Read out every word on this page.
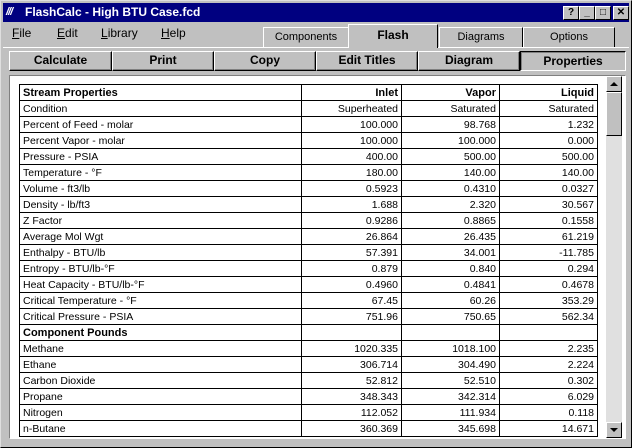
///	FlashCalc - High BTU Case.fcd	?	_	□	✕
File Edit Library Help	Components	Flash	Diagrams	Options
Calculate	Print	Copy	Edit Titles	Diagram	Properties
Stream Properties	Inlet	Vapor	Liquid
Condition	Superheated	Saturated	Saturated
Percent of Feed - molar	100.000	98.768	1.232
Percent Vapor - molar	100.000	100.000	0.000
Pressure - PSIA	400.00	500.00	500.00
Temperature - °F	180.00	140.00	140.00
Volume - ft3/lb	0.5923	0.4310	0.0327
Density - lb/ft3	1.688	2.320	30.567
Z Factor	0.9286	0.8865	0.1558
Average Mol Wgt	26.864	26.435	61.219
Enthalpy - BTU/lb	57.391	34.001	-11.785
Entropy - BTU/lb-°F	0.879	0.840	0.294
Heat Capacity - BTU/lb-°F	0.4960	0.4841	0.4678
Critical Temperature - °F	67.45	60.26	353.29
Critical Pressure - PSIA	751.96	750.65	562.34
Component Pounds			
Methane	1020.335	1018.100	2.235
Ethane	306.714	304.490	2.224
Carbon Dioxide	52.812	52.510	0.302
Propane	348.343	342.314	6.029
Nitrogen	112.052	111.934	0.118
n-Butane	360.369	345.698	14.671
